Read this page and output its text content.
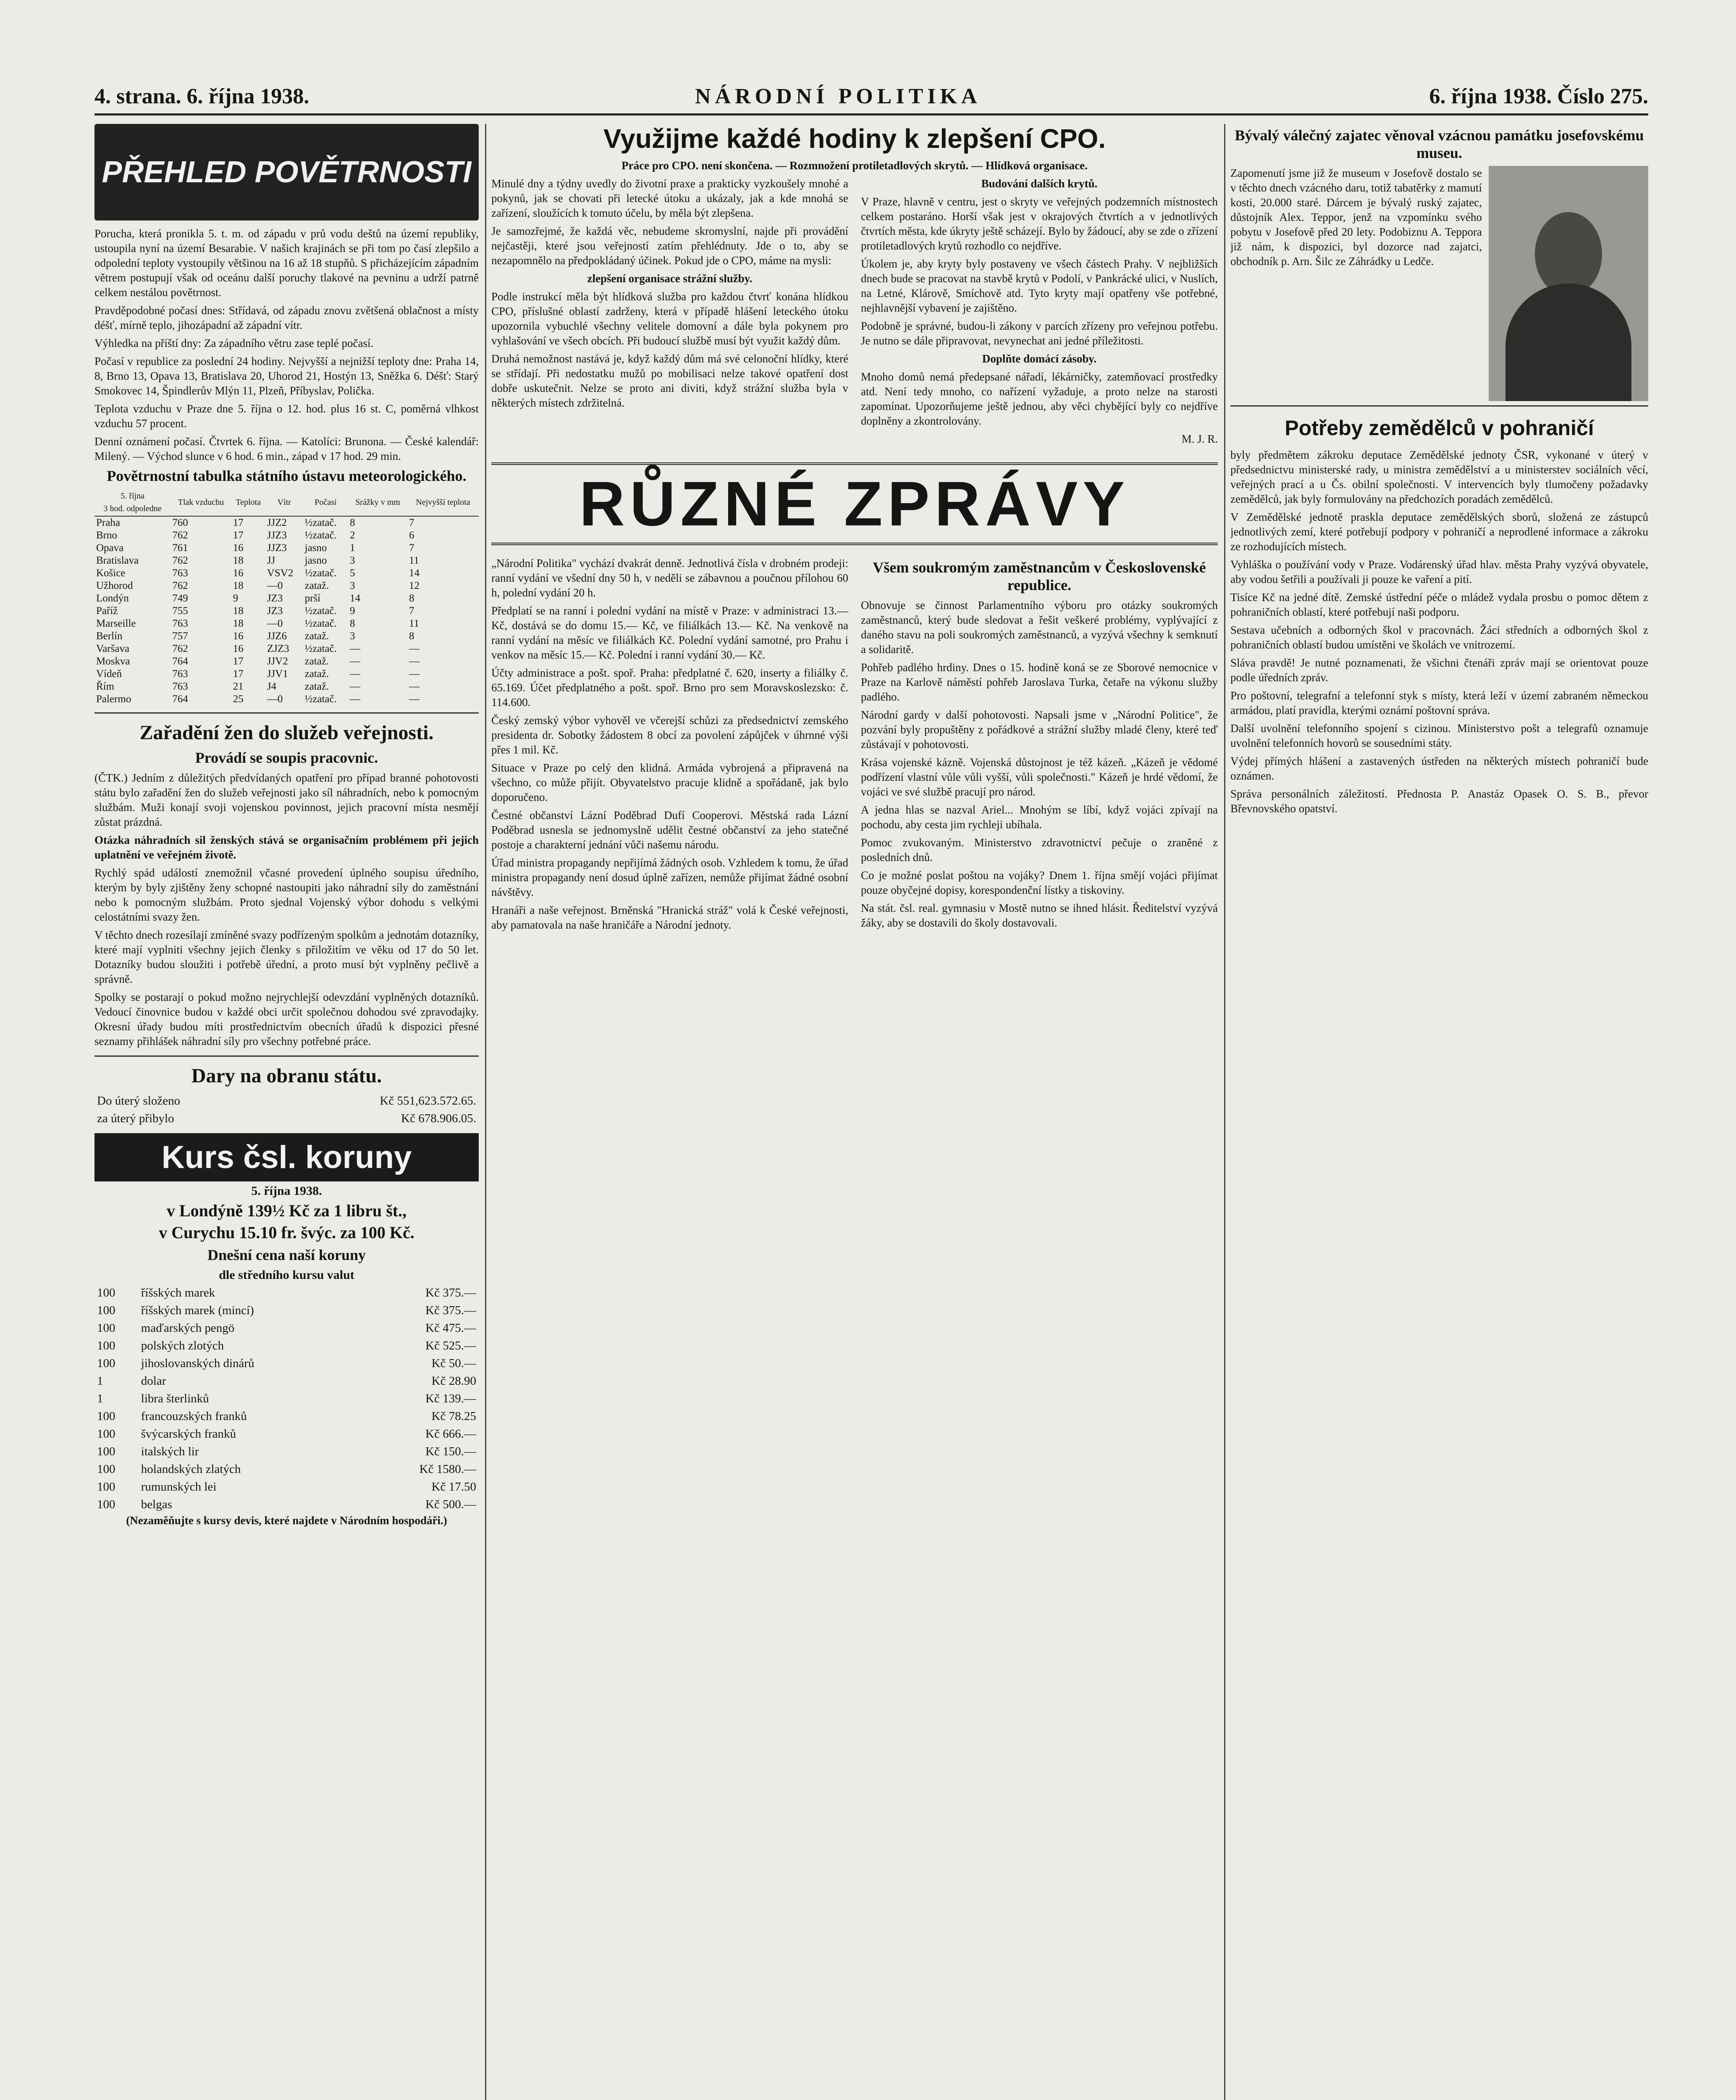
4. strana. 6. října 1938.	NÁRODNÍ POLITIKA	6. října 1938. Číslo 275.
PŘEHLED POVĚTRNOSTI

Porucha, která pronikla 5. t. m. od západu v prů vodu deštů na území republiky, ustoupila nyní na území Besarabie. V našich krajinách se při tom po časí zlepšilo a odpolední teploty vystoupily většinou na 16 až 18 stupňů. S přicházejícím západním větrem postupují však od oceánu další poruchy tlakové na pevninu a udrží patrně celkem nestálou povětrnost.

Pravděpodobné počasí dnes: Střídavá, od západu znovu zvětšená oblačnost a místy déšť, mírně teplo, jihozápadní až západní vítr.

Výhledka na příští dny: Za západního větru zase teplé počasí.

Počasí v republice za poslední 24 hodiny. Nejvyšší a nejnižší teploty dne: Praha 14, 8, Brno 13, Opava 13, Bratislava 20, Uhorod 21, Hostýn 13, Sněžka 6. Déšť: Starý Smokovec 14, Špindlerův Mlýn 11, Plzeň, Příbyslav, Polička.

Teplota vzduchu v Praze dne 5. října o 12. hod. plus 16 st. C, poměrná vlhkost vzduchu 57 procent.

Denní oznámení počasí. Čtvrtek 6. října. — Katolíci: Brunona. — České kalendář: Milený. — Východ slunce v 6 hod. 6 min., západ v 17 hod. 29 min.

Povětrnostní tabulka státního ústavu meteorologického.
5. října
3 hod. odpoledne	Tlak vzduchu	Teplota	Vítr	Počasí	Srážky v mm	Nejvyšší teplota
Praha	760	17	JJZ2	½zatač.	8	7
Brno	762	17	JJZ3	½zatač.	2	6
Opava	761	16	JJZ3	jasno	1	7
Bratislava	762	18	JJ	jasno	3	11
Košice	763	16	VSV2	½zatač.	5	14
Užhorod	762	18	—0	zataž.	3	12
Londýn	749	9	JZ3	prší	14	8
Paříž	755	18	JZ3	½zatač.	9	7
Marseille	763	18	—0	½zatač.	8	11
Berlín	757	16	JJZ6	zataž.	3	8
Varšava	762	16	ZJZ3	½zatač.	—	—
Moskva	764	17	JJV2	zataž.	—	—
Vídeň	763	17	JJV1	zataž.	—	—
Řím	763	21	J4	zataž.	—	—
Palermo	764	25	—0	½zatač.	—	—
Zařadění žen do služeb veřejnosti.
Provádí se soupis pracovnic.

(ČTK.) Jedním z důležitých předvídaných opatření pro případ branné pohotovosti státu bylo zařadění žen do služeb veřejnosti jako síl náhradních, nebo k pomocným službám. Muži konají svoji vojenskou povinnost, jejich pracovní místa nesmějí zůstat prázdná.

Otázka náhradních sil ženských stává se organisačním problémem při jejich uplatnění ve veřejném životě.

Rychlý spád událostí znemožnil včasné provedení úplného soupisu úředního, kterým by byly zjištěny ženy schopné nastoupiti jako náhradní síly do zaměstnání nebo k pomocným službám. Proto sjednal Vojenský výbor dohodu s velkými celostátními svazy žen.

V těchto dnech rozesílají zmíněné svazy podřízeným spolkům a jednotám dotazníky, které mají vyplniti všechny jejich členky s přiložitím ve věku od 17 do 50 let. Dotazníky budou sloužiti i potřebě úřední, a proto musí být vyplněny pečlivě a správně.

Spolky se postarají o pokud možno nejrychlejší odevzdání vyplněných dotazníků. Vedoucí činovnice budou v každé obci určit společnou dohodou své zpravodajky. Okresní úřady budou míti prostřednictvím obecních úřadů k dispozici přesné seznamy přihlášek náhradní síly pro všechny potřebné práce.

Dary na obranu státu.
Do úterý složeno	Kč 551,623.572.65.
za úterý přibylo	Kč 678.906.05.
Kurs čsl. koruny
5. října 1938.
v Londýně 139½ Kč za 1 libru št.,
v Curychu 15.10 fr. švýc. za 100 Kč.
Dnešní cena naší koruny
dle středního kursu valut
100	říšských marek	Kč 375.—
100	říšských marek (mincí)	Kč 375.—
100	maďarských pengö	Kč 475.—
100	polských zlotých	Kč 525.—
100	jihoslovanských dinárů	Kč 50.—
1	dolar	Kč 28.90
1	libra šterlinků	Kč 139.—
100	francouzských franků	Kč 78.25
100	švýcarských franků	Kč 666.—
100	italských lir	Kč 150.—
100	holandských zlatých	Kč 1580.—
100	rumunských lei	Kč 17.50
100	belgas	Kč 500.—

(Nezaměňujte s kursy devis, které najdete v Národním hospodáři.)

Využijme každé hodiny k zlepšení CPO.

Práce pro CPO. není skončena. — Rozmnožení protiletadlových skrytů. — Hlídková organisace.

Minulé dny a týdny uvedly do životní praxe a prakticky vyzkoušely mnohé a pokynů, jak se chovati při letecké útoku a ukázaly, jak a kde mnohá se zařízení, sloužících k tomuto účelu, by měla být zlepšena.

Je samozřejmé, že každá věc, nebudeme skromyslní, najde při provádění nejčastěji, které jsou veřejností zatím přehlédnuty. Jde o to, aby se nezapomnělo na předpokládaný účinek. Pokud jde o CPO, máme na mysli:

zlepšení organisace strážní služby.

Podle instrukcí měla být hlídková služba pro každou čtvrť konána hlídkou CPO, příslušné oblastí zadrženy, která v případě hlášení leteckého útoku upozornila vybuchlé všechny velitele domovní a dále byla pokynem pro vyhlašování ve všech obcích. Při budoucí službě musí být využit každý dům.

Druhá nemožnost nastává je, když každý dům má své celonoční hlídky, které se střídají. Při nedostatku mužů po mobilisaci nelze takové opatření dost dobře uskutečnit. Nelze se proto ani diviti, když strážní služba byla v některých místech zdržitelná.

Budování dalších krytů.

V Praze, hlavně v centru, jest o skryty ve veřejných podzemních místnostech celkem postaráno. Horší však jest v okrajových čtvrtích a v jednotlivých čtvrtích města, kde úkryty ještě scházejí. Bylo by žádoucí, aby se zde o zřízení protiletadlových krytů rozhodlo co nejdříve.

Úkolem je, aby kryty byly postaveny ve všech částech Prahy. V nejbližších dnech bude se pracovat na stavbě krytů v Podolí, v Pankrácké ulici, v Nuslích, na Letné, Klárově, Smíchově atd. Tyto kryty mají opatřeny vše potřebné, nejhlavnější vybavení je zajištěno.

Podobně je správné, budou-li zákony v parcích zřízeny pro veřejnou potřebu. Je nutno se dále připravovat, nevynechat ani jedné příležitosti.

Doplňte domácí zásoby.

Mnoho domů nemá předepsané nářadí, lékárničky, zatemňovací prostředky atd. Není tedy mnoho, co nařízení vyžaduje, a proto nelze na starosti zapomínat. Upozorňujeme ještě jednou, aby věci chybějící byly co nejdříve doplněny a zkontrolovány.

M. J. R.

RŮZNÉ ZPRÁVY

„Národní Politika" vychází dvakrát denně. Jednotlivá čísla v drobném prodeji: ranní vydání ve všední dny 50 h, v neděli se zábavnou a poučnou přílohou 60 h, polední vydání 20 h.

Předplatí se na ranní i polední vydání na místě v Praze: v administraci 13.— Kč, dostává se do domu 15.— Kč, ve filiálkách 13.— Kč. Na venkově na ranní vydání na měsíc ve filiálkách Kč. Polední vydání samotné, pro Prahu i venkov na měsíc 15.— Kč. Polední i ranní vydání 30.— Kč.

Účty administrace a pošt. spoř. Praha: předplatné č. 620, inserty a filiálky č. 65.169. Účet předplatného a pošt. spoř. Brno pro sem Moravskoslezsko: č. 114.600.

Český zemský výbor vyhověl ve včerejší schůzi za předsednictví zemského presidenta dr. Sobotky žádostem 8 obcí za povolení zápůjček v úhrnné výši přes 1 mil. Kč.

Situace v Praze po celý den klidná. Armáda vybrojená a připravená na všechno, co může přijít. Obyvatelstvo pracuje klidně a spořádaně, jak bylo doporučeno.

Čestné občanství Lázní Poděbrad Dufí Cooperovi. Městská rada Lázní Poděbrad usnesla se jednomyslně udělit čestné občanství za jeho statečné postoje a charakterní jednání vůči našemu národu.

Úřad ministra propagandy nepřijímá žádných osob. Vzhledem k tomu, že úřad ministra propagandy není dosud úplně zařízen, nemůže přijímat žádné osobní návštěvy.

Hranáři a naše veřejnost. Brněnská "Hranická stráž" volá k České veřejnosti, aby pamatovala na naše hraničáře a Národní jednoty.

Všem soukromým zaměstnancům v Československé republice.

Obnovuje se činnost Parlamentního výboru pro otázky soukromých zaměstnanců, který bude sledovat a řešit veškeré problémy, vyplývající z daného stavu na poli soukromých zaměstnanců, a vyzývá všechny k semknutí a solidaritě.

Pohřeb padlého hrdiny. Dnes o 15. hodině koná se ze Sborové nemocnice v Praze na Karlově náměstí pohřeb Jaroslava Turka, četaře na výkonu služby padlého.

Národní gardy v další pohotovosti. Napsali jsme v „Národní Politice", že pozvání byly propuštěny z pořádkové a strážní služby mladé členy, které teď zůstávají v pohotovosti.

Krása vojenské kázně. Vojenská důstojnost je též kázeň. „Kázeň je vědomé podřízení vlastní vůle vůli vyšší, vůli společnosti." Kázeň je hrdé vědomí, že vojáci ve své službě pracují pro národ.

A jedna hlas se nazval Ariel... Mnohým se líbí, když vojáci zpívají na pochodu, aby cesta jim rychleji ubíhala.

Pomoc zvukovaným. Ministerstvo zdravotnictví pečuje o zraněné z posledních dnů.

Co je možné poslat poštou na vojáky? Dnem 1. října smějí vojáci přijímat pouze obyčejné dopisy, korespondenční lístky a tiskoviny.

Na stát. čsl. real. gymnasiu v Mostě nutno se ihned hlásit. Ředitelství vyzývá žáky, aby se dostavili do školy dostavovali.

Bývalý válečný zajatec věnoval vzácnou památku josefovskému museu.

Zapomenutí jsme již že museum v Josefově dostalo se v těchto dnech vzácného daru, totiž tabatěrky z mamutí kosti, 20.000 staré. Dárcem je bývalý ruský zajatec, důstojník Alex. Teppor, jenž na vzpomínku svého pobytu v Josefově před 20 lety. Podobiznu A. Teppora již nám, k dispozici, byl dozorce nad zajatci, obchodník p. Arn. Šilc ze Záhrádky u Ledče.

Potřeby zemědělců v pohraničí

byly předmětem zákroku deputace Zemědělské jednoty ČSR, vykonané v úterý v předsednictvu ministerské rady, u ministra zemědělství a u ministerstev sociálních věcí, veřejných prací a u Čs. obilní společnosti. V intervencích byly tlumočeny požadavky zemědělců, jak byly formulovány na předchozích poradách zemědělců.

V Zemědělské jednotě praskla deputace zemědělských sborů, složená ze zástupců jednotlivých zemí, které potřebují podpory v pohraničí a neprodlené informace a zákroku ze rozhodujících místech.

Vyhláška o používání vody v Praze. Vodárenský úřad hlav. města Prahy vyzývá obyvatele, aby vodou šetřili a používali ji pouze ke vaření a pití.

Tisíce Kč na jedné dítě. Zemské ústřední péče o mládež vydala prosbu o pomoc dětem z pohraničních oblastí, které potřebují naši podporu.

Sestava učebních a odborných škol v pracovnách. Žáci středních a odborných škol z pohraničních oblastí budou umístěni ve školách ve vnitrozemí.

Sláva pravdě! Je nutné poznamenati, že všichni čtenáři zpráv mají se orientovat pouze podle úředních zpráv.

Pro poštovní, telegrafní a telefonní styk s místy, která leží v území zabraném německou armádou, platí pravidla, kterými oznámí poštovní správa.

Další uvolnění telefonního spojení s cizinou. Ministerstvo pošt a telegrafů oznamuje uvolnění telefonních hovorů se sousedními státy.

Výdej přímých hlášení a zastavených ústředen na některých místech pohraničí bude oznámen.

Správa personálních záležitostí. Přednosta P. Anastáz Opasek O. S. B., převor Břevnovského opatství.
